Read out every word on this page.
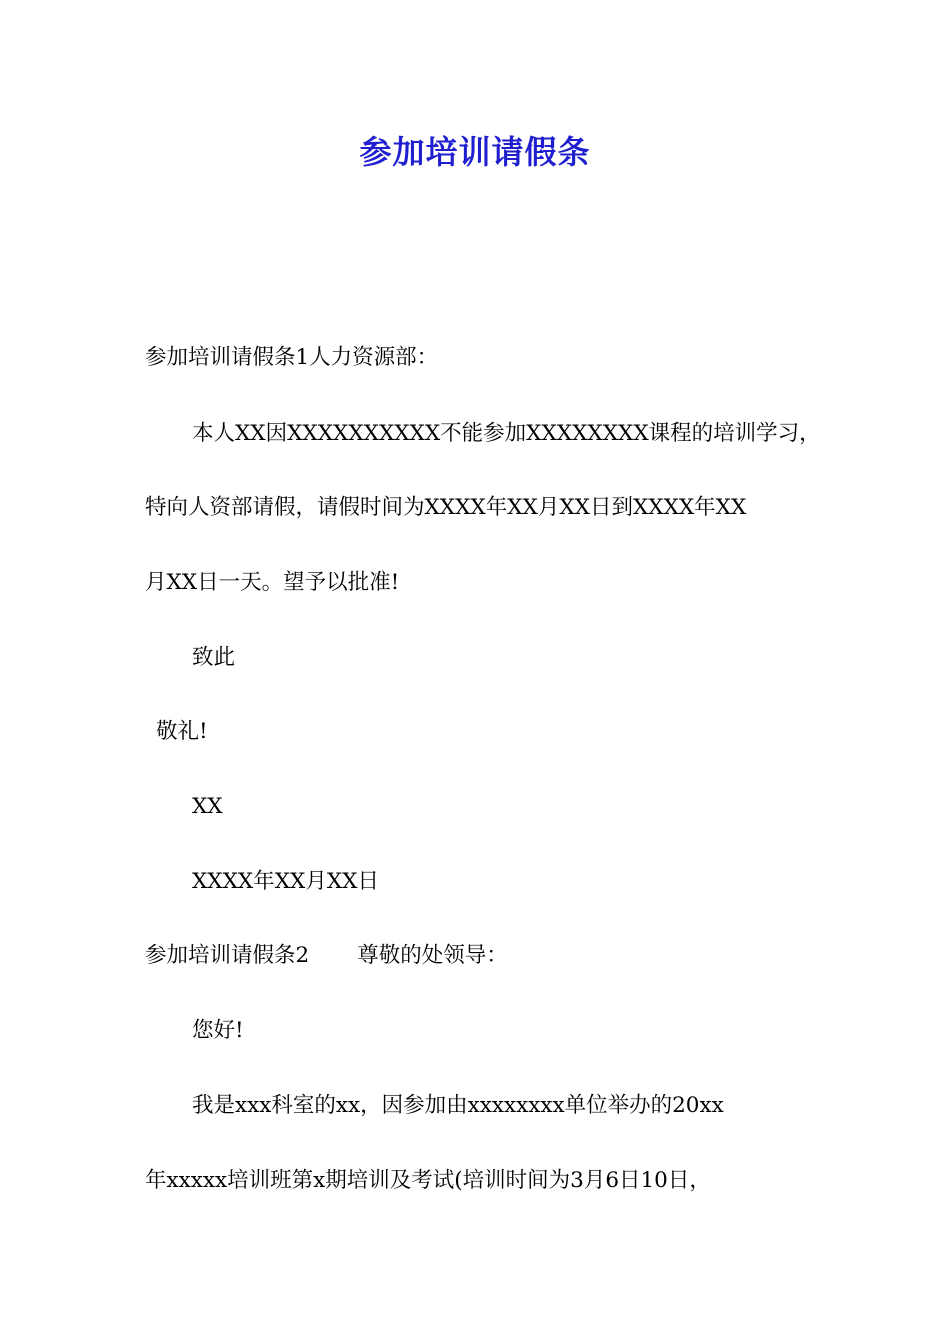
参加培训请假条

参加培训请假条1人力资源部：

本人XX因XXXXXXXXXX不能参加XXXXXXXX课程的培训学习，

特向人资部请假，请假时间为XXXX年XX月XX日到XXXX年XX

月XX日一天。望予以批准!

致此

敬礼!

XX

XXXX年XX月XX日

参加培训请假条2 尊敬的处领导：

您好!

我是xxx科室的xx，因参加由xxxxxxxx单位举办的20xx

年xxxxx培训班第x期培训及考试(培训时间为3月6日10日，
